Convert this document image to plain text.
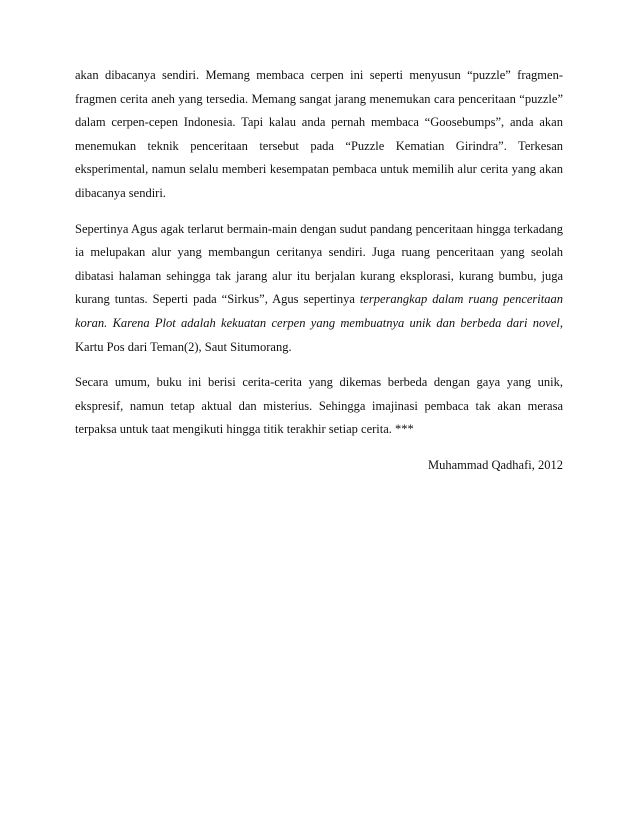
akan dibacanya sendiri. Memang membaca cerpen ini seperti menyusun “puzzle” fragmen-fragmen cerita aneh yang tersedia. Memang sangat jarang menemukan cara penceritaan “puzzle” dalam cerpen-cepen Indonesia. Tapi kalau anda pernah membaca “Goosebumps”, anda akan menemukan teknik penceritaan tersebut pada “Puzzle Kematian Girindra”. Terkesan eksperimental, namun selalu memberi kesempatan pembaca untuk memilih alur cerita yang akan dibacanya sendiri.

Sepertinya Agus agak terlarut bermain-main dengan sudut pandang penceritaan hingga terkadang ia melupakan alur yang membangun ceritanya sendiri. Juga ruang penceritaan yang seolah dibatasi halaman sehingga tak jarang alur itu berjalan kurang eksplorasi, kurang bumbu, juga kurang tuntas. Seperti pada “Sirkus”, Agus sepertinya terperangkap dalam ruang penceritaan koran. Karena Plot adalah kekuatan cerpen yang membuatnya unik dan berbeda dari novel, Kartu Pos dari Teman(2), Saut Situmorang.

Secara umum, buku ini berisi cerita-cerita yang dikemas berbeda dengan gaya yang unik, ekspresif, namun tetap aktual dan misterius. Sehingga imajinasi pembaca tak akan merasa terpaksa untuk taat mengikuti hingga titik terakhir setiap cerita. ***

Muhammad Qadhafi, 2012
